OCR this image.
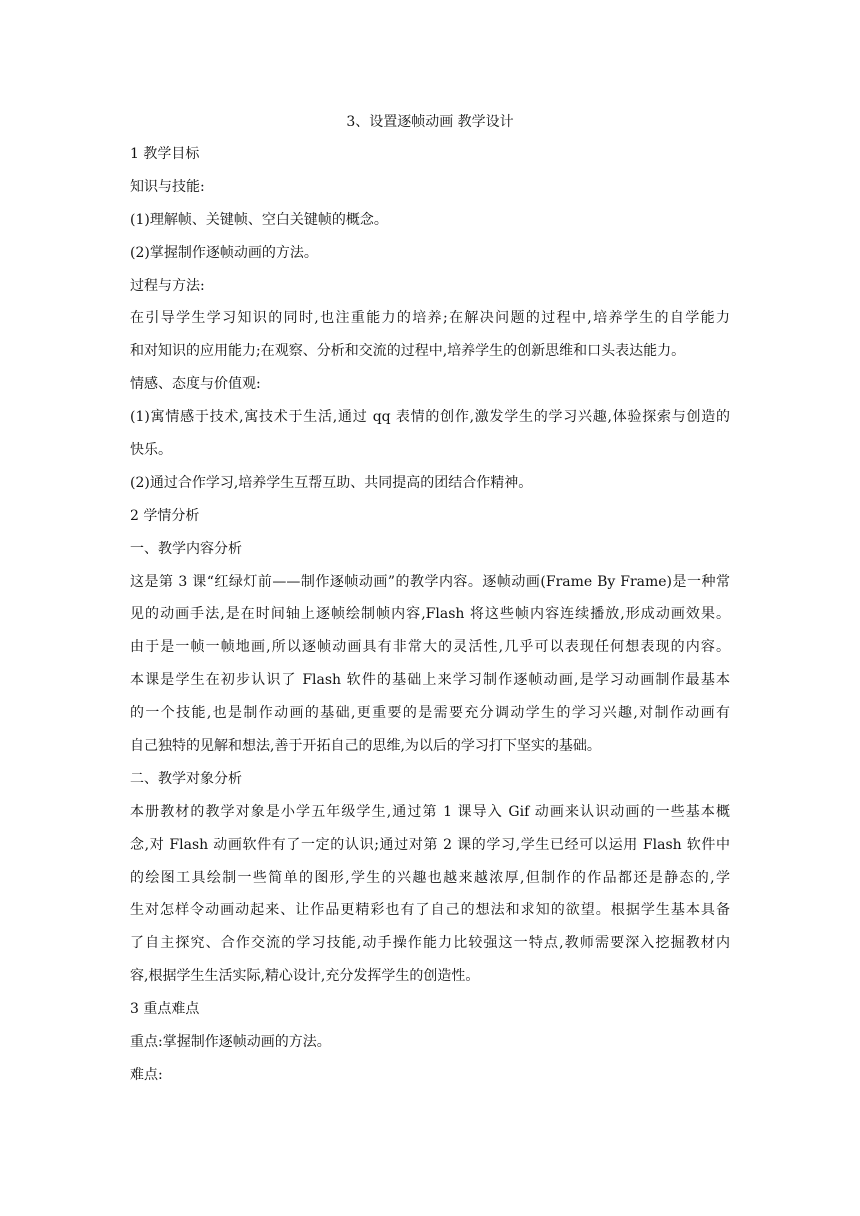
3、设置逐帧动画 教学设计
1 教学目标
知识与技能:
(1)理解帧、关键帧、空白关键帧的概念。
(2)掌握制作逐帧动画的方法。
过程与方法:
在引导学生学习知识的同时,也注重能力的培养;在解决问题的过程中,培养学生的自学能力
和对知识的应用能力;在观察、分析和交流的过程中,培养学生的创新思维和口头表达能力。
情感、态度与价值观:
(1)寓情感于技术,寓技术于生活,通过 qq 表情的创作,激发学生的学习兴趣,体验探索与创造的
快乐。
(2)通过合作学习,培养学生互帮互助、共同提高的团结合作精神。
2 学情分析
一、教学内容分析
这是第 3 课“红绿灯前——制作逐帧动画”的教学内容。逐帧动画(Frame By Frame)是一种常
见的动画手法,是在时间轴上逐帧绘制帧内容,Flash 将这些帧内容连续播放,形成动画效果。
由于是一帧一帧地画,所以逐帧动画具有非常大的灵活性,几乎可以表现任何想表现的内容。
本课是学生在初步认识了 Flash 软件的基础上来学习制作逐帧动画,是学习动画制作最基本
的一个技能,也是制作动画的基础,更重要的是需要充分调动学生的学习兴趣,对制作动画有
自己独特的见解和想法,善于开拓自己的思维,为以后的学习打下坚实的基础。
二、教学对象分析
本册教材的教学对象是小学五年级学生,通过第 1 课导入 Gif 动画来认识动画的一些基本概
念,对 Flash 动画软件有了一定的认识;通过对第 2 课的学习,学生已经可以运用 Flash 软件中
的绘图工具绘制一些简单的图形,学生的兴趣也越来越浓厚,但制作的作品都还是静态的,学
生对怎样令动画动起来、让作品更精彩也有了自己的想法和求知的欲望。根据学生基本具备
了自主探究、合作交流的学习技能,动手操作能力比较强这一特点,教师需要深入挖掘教材内
容,根据学生生活实际,精心设计,充分发挥学生的创造性。
3 重点难点
重点:掌握制作逐帧动画的方法。
难点:
